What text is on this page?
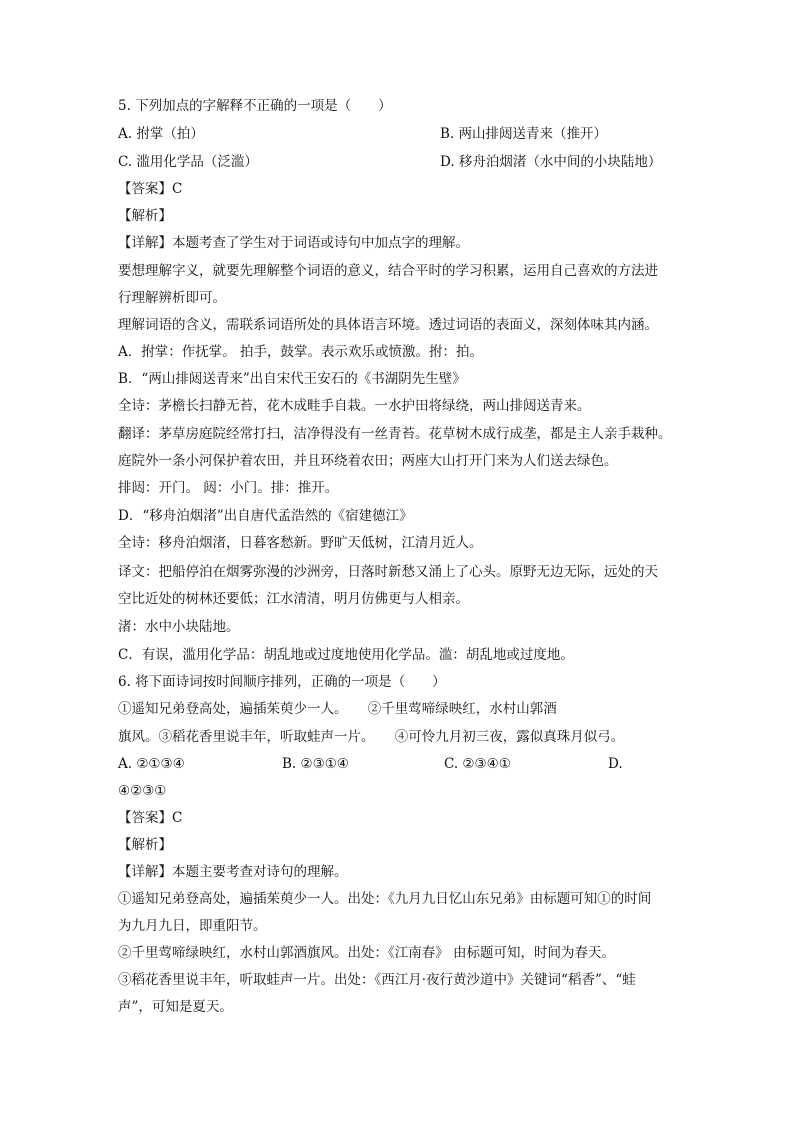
5. 下列加点的字解释不正确的一项是（　　）
A. 拊掌（拍）	B. 两山排闼送青来（推开）
C. 滥用化学品（泛滥）	D. 移舟泊烟渚（水中间的小块陆地）
【答案】C
【解析】
【详解】本题考查了学生对于词语或诗句中加点字的理解。
要想理解字义，就要先理解整个词语的意义，结合平时的学习积累，运用自己喜欢的方法进
行理解辨析即可。
理解词语的含义，需联系词语所处的具体语言环境。透过词语的表面义，深刻体味其内涵。
A．拊掌：作抚掌。 拍手，鼓掌。表示欢乐或愤激。拊：拍。
B．“两山排闼送青来”出自宋代王安石的《书湖阴先生壁》
全诗：茅檐长扫静无苔，花木成畦手自栽。一水护田将绿绕，两山排闼送青来。
翻译：茅草房庭院经常打扫，洁净得没有一丝青苔。花草树木成行成垄，都是主人亲手栽种。
庭院外一条小河保护着农田，并且环绕着农田；两座大山打开门来为人们送去绿色。
排闼：开门。 闼：小门。排：推开。
D．“移舟泊烟渚”出自唐代孟浩然的《宿建德江》
全诗：移舟泊烟渚，日暮客愁新。野旷天低树，江清月近人。
译文：把船停泊在烟雾弥漫的沙洲旁，日落时新愁又涌上了心头。原野无边无际，远处的天
空比近处的树林还要低；江水清清，明月仿佛更与人相亲。
渚：水中小块陆地。
C．有误，滥用化学品：胡乱地或过度地使用化学品。滥：胡乱地或过度地。
6. 将下面诗词按时间顺序排列，正确的一项是（　　）
①遥知兄弟登高处，遍插茱萸少一人。　　②千里莺啼绿映红，水村山郭酒
旗风。③稻花香里说丰年，听取蛙声一片。　　④可怜九月初三夜，露似真珠月似弓。
A. ②①③④	B. ②③①④	C. ②③④①	D.
④②③①
【答案】C
【解析】
【详解】本题主要考查对诗句的理解。
①遥知兄弟登高处，遍插茱萸少一人。出处：《九月九日忆山东兄弟》由标题可知①的时间
为九月九日，即重阳节。
②千里莺啼绿映红，水村山郭酒旗风。出处：《江南春》 由标题可知，时间为春天。
③稻花香里说丰年，听取蛙声一片。出处：《西江月·夜行黄沙道中》关键词“稻香”、“蛙
声”，可知是夏天。
